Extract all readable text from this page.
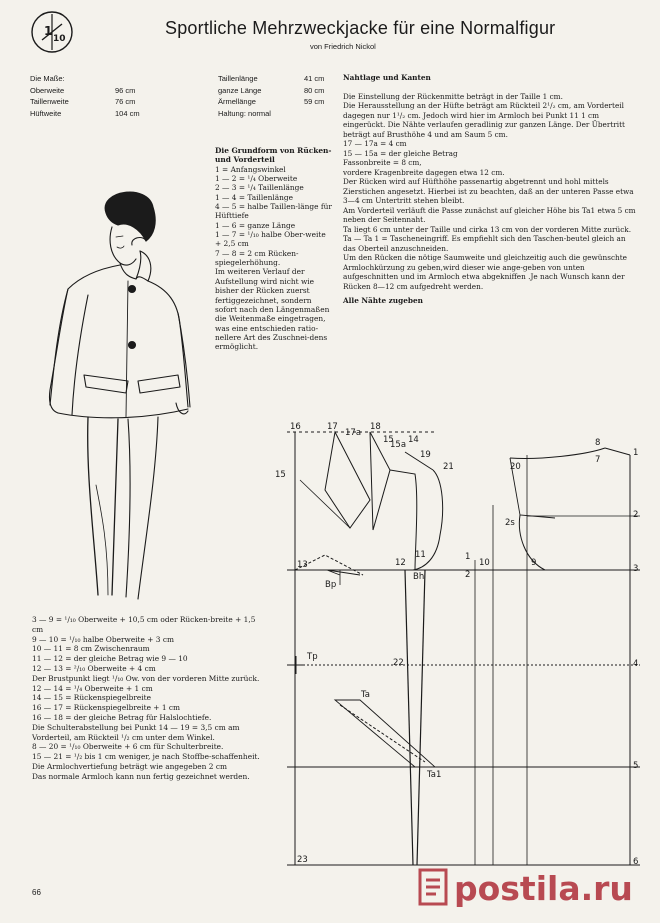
1
10
Sportliche Mehrzweckjacke für eine Normalfigur
von Friedrich Nickol
Die Maße:
Oberweite	96 cm
Taillenweite	76 cm
Hüftweite	104 cm
Taillenlänge	41 cm
ganze Länge	80 cm
Ärmellänge	59 cm
Haltung: normal
Die Grundform von Rücken- und Vorderteil
1 = Anfangswinkel
1 — 2 = ¹/₄ Oberweite
2 — 3 = ¹/₄ Taillenlänge
1 — 4 = Taillenlänge
4 — 5 = halbe Taillen-länge für Hüfttiefe
1 — 6 = ganze Länge
1 — 7 = ¹/₁₀ halbe Ober-weite + 2,5 cm
7 — 8 = 2 cm Rücken-spiegelerhöhung.
Im weiteren Verlauf der Aufstellung wird nicht wie bisher der Rücken zuerst fertiggezeichnet, sondern sofort nach den Längenmaßen die Weitenmaße eingetragen, was eine entschieden ratio-nellere Art des Zuschnei-dens ermöglicht.
Nahtlage und Kanten
Die Einstellung der Rückenmitte beträgt in der Taille 1 cm.
Die Herausstellung an der Hüfte beträgt am Rückteil 2¹/₂ cm, am Vorderteil dagegen nur 1¹/₂ cm. Jedoch wird hier im Armloch bei Punkt 11 1 cm eingerückt. Die Nähte verlaufen geradlinig zur ganzen Länge. Der Übertritt beträgt auf Brusthöhe 4 und am Saum 5 cm.
17 — 17a = 4 cm
15 — 15a = der gleiche Betrag
Fassonbreite = 8 cm,
vordere Kragenbreite dagegen etwa 12 cm.
Der Rücken wird auf Hüfthöhe passenartig abgetrennt und hohl mittels Zierstichen angesetzt. Hierbei ist zu beachten, daß an der unteren Passe etwa 3—4 cm Untertritt stehen bleibt.
Am Vorderteil verläuft die Passe zunächst auf gleicher Höhe bis Ta1 etwa 5 cm neben der Seitennaht.
Ta liegt 6 cm unter der Taille und cirka 13 cm von der vorderen Mitte zurück.
Ta — Ta 1 = Tascheneingriff. Es empfiehlt sich den Taschen-beutel gleich an das Oberteil anzuschneiden.
Um den Rücken die nötige Saumweite und gleichzeitig auch die gewünschte Armlochkürzung zu geben,wird dieser wie ange-geben von unten aufgeschnitten und im Armloch etwa abgekniffen .Je nach Wunsch kann der Rücken 8—12 cm aufgedreht werden.
Alle Nähte zugeben
3 — 9 = ¹/₁₀ Oberweite + 10,5 cm oder Rücken-breite + 1,5 cm
9 — 10 = ¹/₁₀ halbe Oberweite + 3 cm
10 — 11 = 8 cm Zwischenraum
11 — 12 = der gleiche Betrag wie 9 — 10
12 — 13 = ²/₁₀ Oberweite + 4 cm
Der Brustpunkt liegt ¹/₁₀ Ow. von der vorderen Mitte zurück.
12 — 14 = ¹/₄ Oberweite + 1 cm
14 — 15 = Rückenspiegelbreite
16 — 17 = Rückenspiegelbreite + 1 cm
16 — 18 = der gleiche Betrag für Halslochtiefe.
Die Schulterabstellung bei Punkt 14 — 19 = 3,5 cm am Vorderteil, am Rückteil ¹/₂ cm unter dem Winkel.
8 — 20 = ¹/₁₀ Oberweite + 6 cm für Schulterbreite.
15 — 21 = ¹/₂ bis 1 cm weniger, je nach Stoffbe-schaffenheit.
Die Armlochvertiefung beträgt wie angegeben 2 cm
Das normale Armloch kann nun fertig gezeichnet werden.
16	17
17a
18
15
15a 14
19
21
15
20
8
7
1
2
2s
3
4
5
6
9
10
11
12
13
2
1
Bp
Bh
Tp
22
Ta
Ta1
23
66	postila.ru
